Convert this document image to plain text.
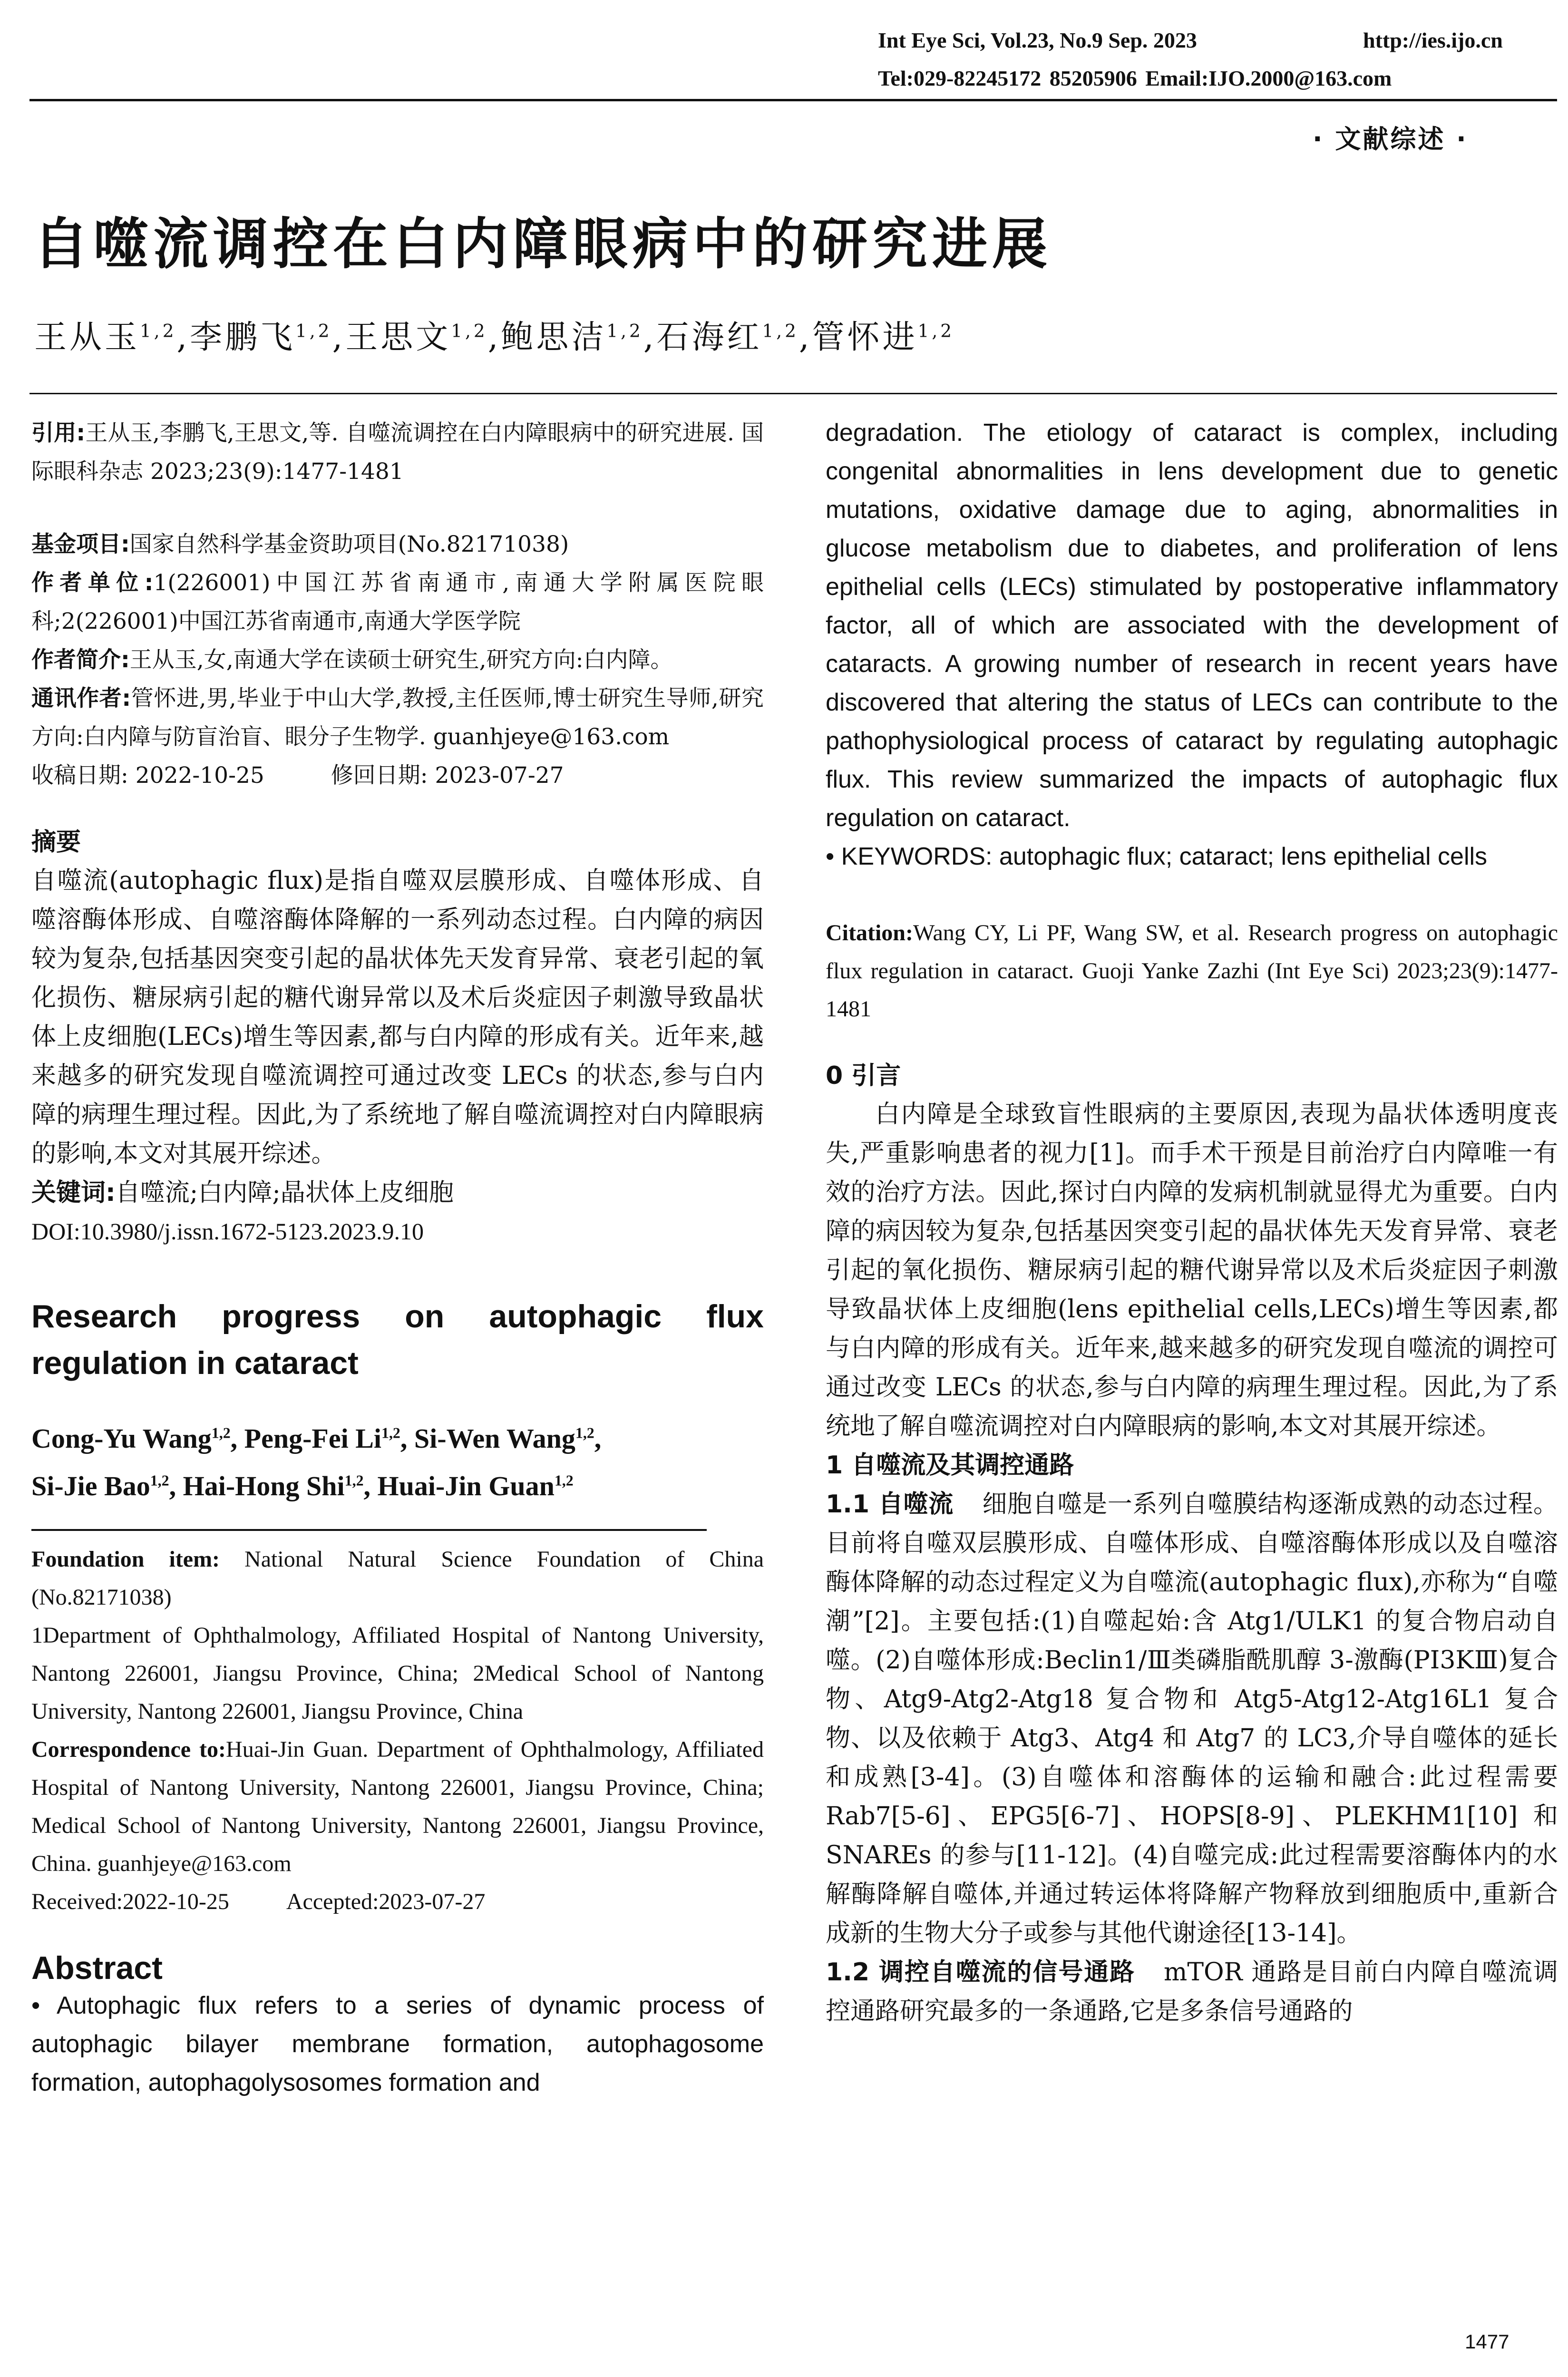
Int Eye Sci, Vol.23, No.9 Sep. 2023	http://ies.ijo.cn
Tel:029-82245172 85205906 Email:IJO.2000@163.com
· 文献综述 ·
自噬流调控在白内障眼病中的研究进展
王从玉$^{1,2}$,李鹏飞$^{1,2}$,王思文$^{1,2}$,鲍思洁$^{1,2}$,石海红$^{1,2}$,管怀进$^{1,2}$

引用:王从玉,李鹏飞,王思文,等. 自噬流调控在白内障眼病中的研究进展. 国际眼科杂志 2023;23(9):1477-1481

基金项目:国家自然科学基金资助项目(No.82171038)

作者单位:1(226001)中国江苏省南通市,南通大学附属医院眼科;2(226001)中国江苏省南通市,南通大学医学院

作者简介:王从玉,女,南通大学在读硕士研究生,研究方向:白内障。

通讯作者:管怀进,男,毕业于中山大学,教授,主任医师,博士研究生导师,研究方向:白内障与防盲治盲、眼分子生物学. guanhjeye@163.com

收稿日期: 2022-10-25	修回日期: 2023-07-27

摘要

自噬流(autophagic flux)是指自噬双层膜形成、自噬体形成、自噬溶酶体形成、自噬溶酶体降解的一系列动态过程。白内障的病因较为复杂,包括基因突变引起的晶状体先天发育异常、衰老引起的氧化损伤、糖尿病引起的糖代谢异常以及术后炎症因子刺激导致晶状体上皮细胞(LECs)增生等因素,都与白内障的形成有关。近年来,越来越多的研究发现自噬流调控可通过改变 LECs 的状态,参与白内障的病理生理过程。因此,为了系统地了解自噬流调控对白内障眼病的影响,本文对其展开综述。

关键词:自噬流;白内障;晶状体上皮细胞

DOI:10.3980/j.issn.1672-5123.2023.9.10

Research progress on autophagic flux regulation in cataract

Cong-Yu Wang$^{1,2}$, Peng-Fei Li$^{1,2}$, Si-Wen Wang$^{1,2}$,
Si-Jie Bao$^{1,2}$, Hai-Hong Shi$^{1,2}$, Huai-Jin Guan$^{1,2}$

Foundation item: National Natural Science Foundation of China (No.82171038)

1Department of Ophthalmology, Affiliated Hospital of Nantong University, Nantong 226001, Jiangsu Province, China; 2Medical School of Nantong University, Nantong 226001, Jiangsu Province, China

Correspondence to:Huai-Jin Guan. Department of Ophthalmology, Affiliated Hospital of Nantong University, Nantong 226001, Jiangsu Province, China; Medical School of Nantong University, Nantong 226001, Jiangsu Province, China. guanhjeye@163.com

Received:2022-10-25	Accepted:2023-07-27

Abstract

• Autophagic flux refers to a series of dynamic process of autophagic bilayer membrane formation, autophagosome formation, autophagolysosomes formation and

degradation. The etiology of cataract is complex, including congenital abnormalities in lens development due to genetic mutations, oxidative damage due to aging, abnormalities in glucose metabolism due to diabetes, and proliferation of lens epithelial cells (LECs) stimulated by postoperative inflammatory factor, all of which are associated with the development of cataracts. A growing number of research in recent years have discovered that altering the status of LECs can contribute to the pathophysiological process of cataract by regulating autophagic flux. This review summarized the impacts of autophagic flux regulation on cataract.

• KEYWORDS: autophagic flux; cataract; lens epithelial cells

Citation:Wang CY, Li PF, Wang SW, et al. Research progress on autophagic flux regulation in cataract. Guoji Yanke Zazhi (Int Eye Sci) 2023;23(9):1477-1481

0 引言

白内障是全球致盲性眼病的主要原因,表现为晶状体透明度丧失,严重影响患者的视力[1]。而手术干预是目前治疗白内障唯一有效的治疗方法。因此,探讨白内障的发病机制就显得尤为重要。白内障的病因较为复杂,包括基因突变引起的晶状体先天发育异常、衰老引起的氧化损伤、糖尿病引起的糖代谢异常以及术后炎症因子刺激导致晶状体上皮细胞(lens epithelial cells,LECs)增生等因素,都与白内障的形成有关。近年来,越来越多的研究发现自噬流的调控可通过改变 LECs 的状态,参与白内障的病理生理过程。因此,为了系统地了解自噬流调控对白内障眼病的影响,本文对其展开综述。

1 自噬流及其调控通路

1.1 自噬流 细胞自噬是一系列自噬膜结构逐渐成熟的动态过程。目前将自噬双层膜形成、自噬体形成、自噬溶酶体形成以及自噬溶酶体降解的动态过程定义为自噬流(autophagic flux),亦称为“自噬潮”[2]。主要包括:(1)自噬起始:含 Atg1/ULK1 的复合物启动自噬。(2)自噬体形成:Beclin1/Ⅲ类磷脂酰肌醇 3-激酶(PI3KⅢ)复合物、Atg9-Atg2-Atg18 复合物和 Atg5-Atg12-Atg16L1 复合物、以及依赖于 Atg3、Atg4 和 Atg7 的 LC3,介导自噬体的延长和成熟[3-4]。(3)自噬体和溶酶体的运输和融合:此过程需要 Rab7[5-6]、EPG5[6-7]、HOPS[8-9]、PLEKHM1[10] 和 SNAREs 的参与[11-12]。(4)自噬完成:此过程需要溶酶体内的水解酶降解自噬体,并通过转运体将降解产物释放到细胞质中,重新合成新的生物大分子或参与其他代谢途径[13-14]。

1.2 调控自噬流的信号通路 mTOR 通路是目前白内障自噬流调控通路研究最多的一条通路,它是多条信号通路的

1477
